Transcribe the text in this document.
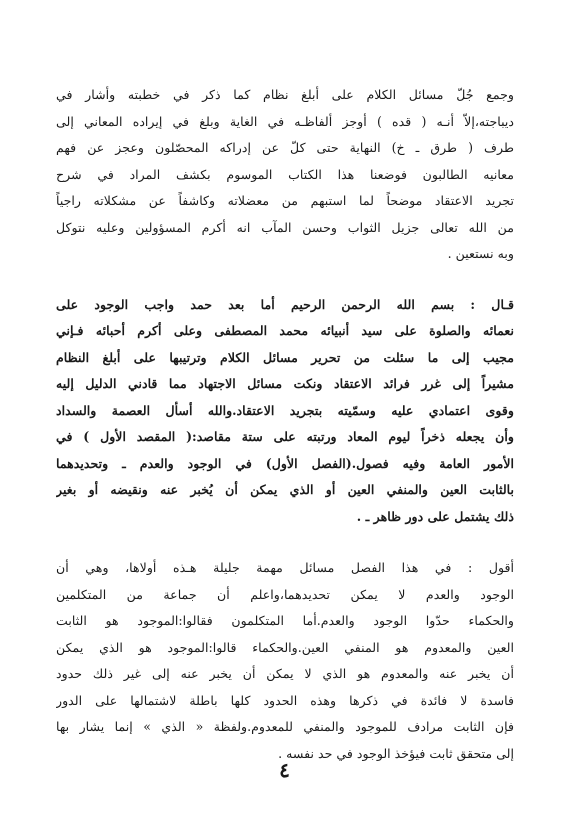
وجمع جُلّ مسائل الكلام على أبلغ نظام كما ذكر في خطبته وأشار في
ديباجته،إلاّ أنـه ( قده ) أوجز ألفاظـه في الغاية وبلغ في إيراده المعاني إلى
طرف ( طرق ـ خ) النهاية حتى كلّ عن إدراكه المحصّلون وعجز عن فهم
معانيه الطالبون فوضعنا هذا الكتاب الموسوم بكشف المراد في شرح
تجريد الاعتقاد موضحاً لما استبهم من معضلاته وكاشفاً عن مشكلاته راجياً
من الله تعالى جزيل الثواب وحسن المآب انه أكرم المسؤولين وعليه نتوكل
وبه نستعين .
قـال : بسم الله الرحمن الرحيم أما بعد حمد واجب الوجود على
نعمائه والصلوة على سيد أنبيائه محمد المصطفى وعلى أكرم أحبائه فـإني
مجيب إلى ما سئلت من تحرير مسائل الكلام وترتيبها على أبلغ النظام
مشيراً إلى غرر فرائد الاعتقاد ونكت مسائل الاجتهاد مما قادني الدليل إليه
وقوى اعتمادي عليه وسمّيته بتجريد الاعتقاد.والله أسأل العصمة والسداد
وأن يجعله ذخراً ليوم المعاد ورتبته على ستة مقاصد:( المقصد الأول ) في
الأمور العامة وفيه فصول.(الفصل الأول) في الوجود والعدم ـ وتحديدهما
بالثابت العين والمنفي العين أو الذي يمكن أن يُخبر عنه ونقيضه أو بغير
ذلك يشتمل على دور ظاهر ـ .
أقول : في هذا الفصل مسائل مهمة جليلة هـذه أولاها، وهي أن
الوجود والعدم لا يمكن تحديدهما،واعلم أن جماعة من المتكلمين
والحكماء حدّوا الوجود والعدم.أما المتكلمون فقالوا:الموجود هو الثابت
العين والمعدوم هو المنفي العين.والحكماء قالوا:الموجود هو الذي يمكن
أن يخبر عنه والمعدوم هو الذي لا يمكن أن يخبر عنه إلى غير ذلك حدود
فاسدة لا فائدة في ذكرها وهذه الحدود كلها باطلة لاشتمالها على الدور
فإن الثابت مرادف للموجود والمنفي للمعدوم.ولفظة « الذي » إنما يشار بها
إلى متحقق ثابت فيؤخذ الوجود في حد نفسه .
٤
